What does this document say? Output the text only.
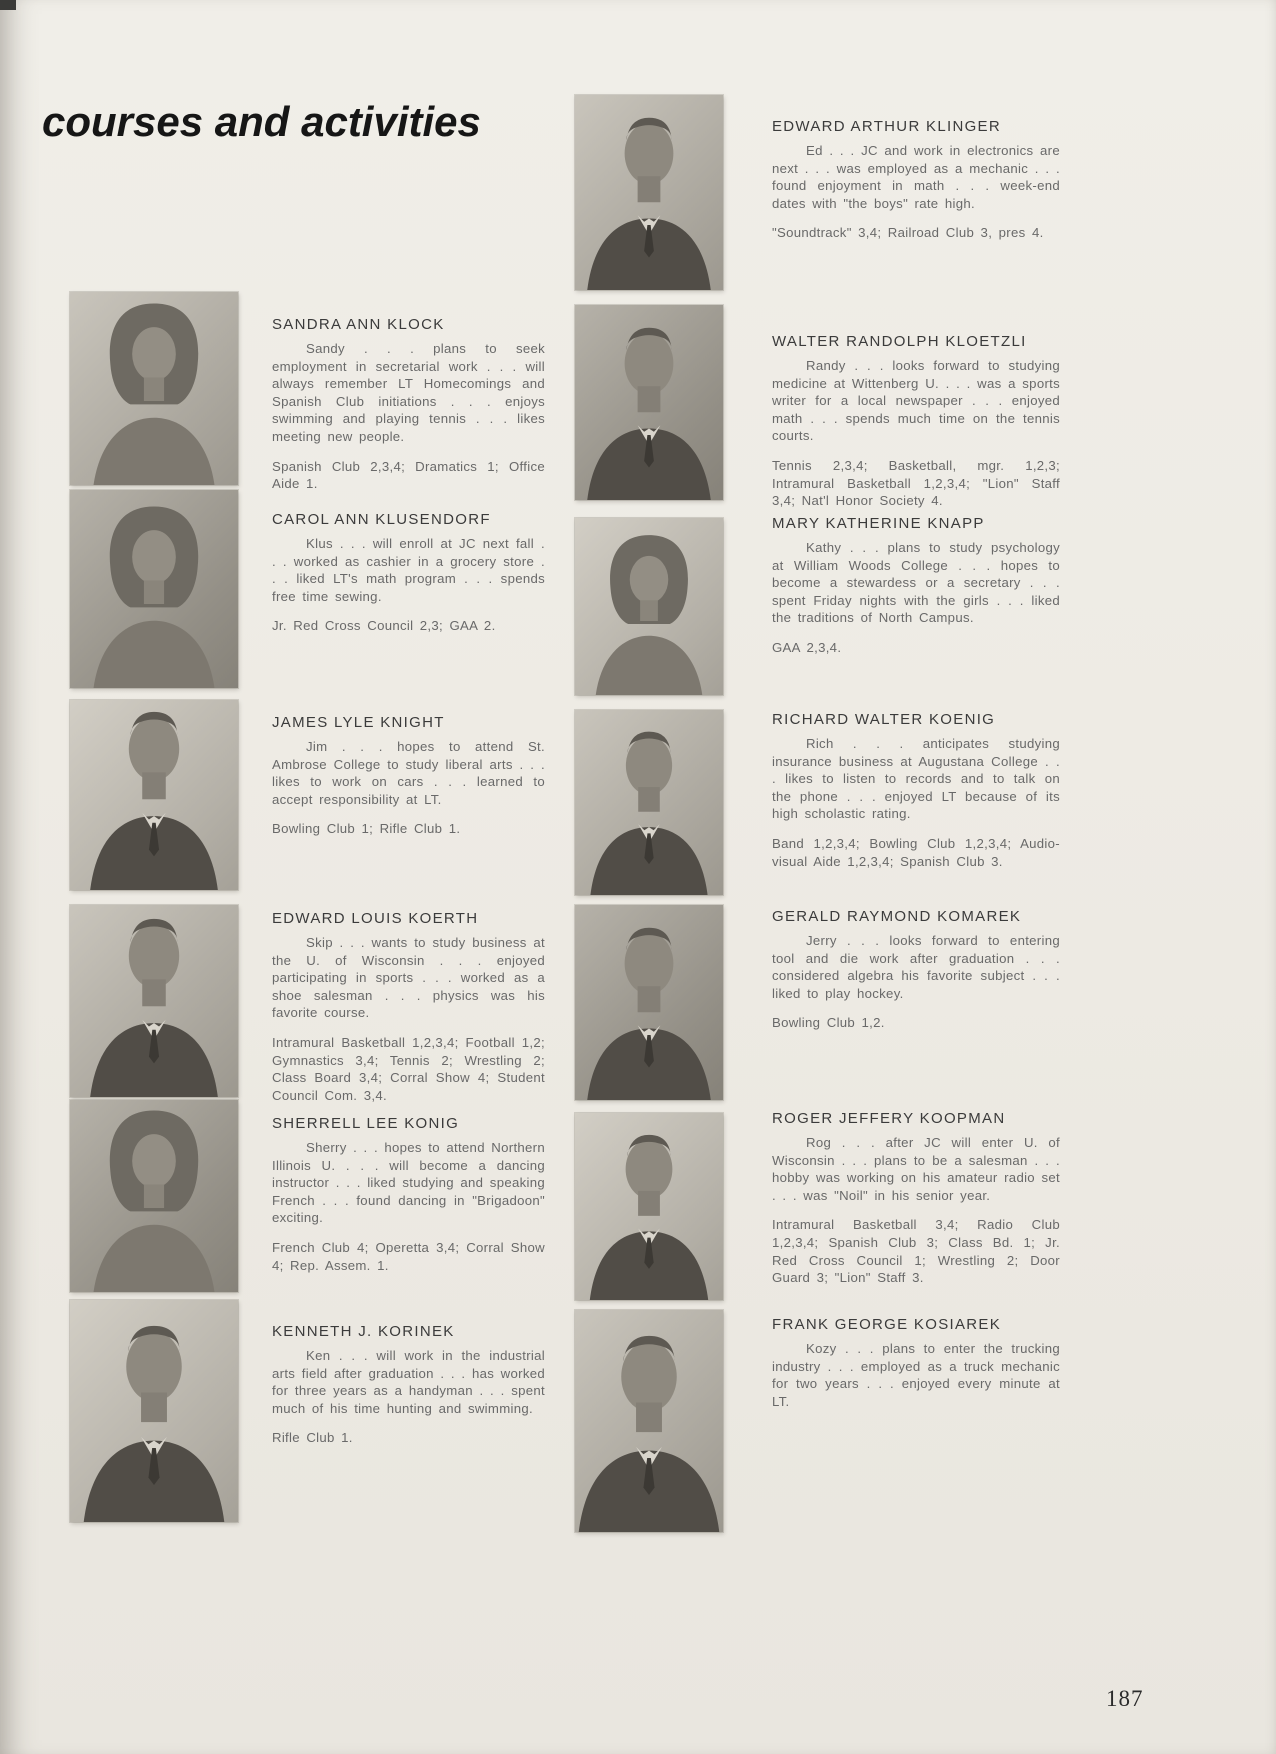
courses and activities
SANDRA ANN KLOCK

Sandy . . . plans to seek employment in secretarial work . . . will always remember LT Homecomings and Spanish Club initiations . . . enjoys swimming and playing tennis . . . likes meeting new people.

Spanish Club 2,3,4; Dramatics 1; Office Aide 1.

CAROL ANN KLUSENDORF

Klus . . . will enroll at JC next fall . . . worked as cashier in a grocery store . . . liked LT's math program . . . spends free time sewing.

Jr. Red Cross Council 2,3; GAA 2.

JAMES LYLE KNIGHT

Jim . . . hopes to attend St. Ambrose College to study liberal arts . . . likes to work on cars . . . learned to accept responsibility at LT.

Bowling Club 1; Rifle Club 1.

EDWARD LOUIS KOERTH

Skip . . . wants to study business at the U. of Wisconsin . . . enjoyed participating in sports . . . worked as a shoe salesman . . . physics was his favorite course.

Intramural Basketball 1,2,3,4; Football 1,2; Gymnastics 3,4; Tennis 2; Wrestling 2; Class Board 3,4; Corral Show 4; Student Council Com. 3,4.

SHERRELL LEE KONIG

Sherry . . . hopes to attend Northern Illinois U. . . . will become a dancing instructor . . . liked studying and speaking French . . . found dancing in "Brigadoon" exciting.

French Club 4; Operetta 3,4; Corral Show 4; Rep. Assem. 1.

KENNETH J. KORINEK

Ken . . . will work in the industrial arts field after graduation . . . has worked for three years as a handyman . . . spent much of his time hunting and swimming.

Rifle Club 1.

EDWARD ARTHUR KLINGER

Ed . . . JC and work in electronics are next . . . was employed as a mechanic . . . found enjoyment in math . . . week-end dates with "the boys" rate high.

"Soundtrack" 3,4; Railroad Club 3, pres 4.

WALTER RANDOLPH KLOETZLI

Randy . . . looks forward to studying medicine at Wittenberg U. . . . was a sports writer for a local newspaper . . . enjoyed math . . . spends much time on the tennis courts.

Tennis 2,3,4; Basketball, mgr. 1,2,3; Intramural Basketball 1,2,3,4; "Lion" Staff 3,4; Nat'l Honor Society 4.

MARY KATHERINE KNAPP

Kathy . . . plans to study psychology at William Woods College . . . hopes to become a stewardess or a secretary . . . spent Friday nights with the girls . . . liked the traditions of North Campus.

GAA 2,3,4.

RICHARD WALTER KOENIG

Rich . . . anticipates studying insurance business at Augustana College . . . likes to listen to records and to talk on the phone . . . enjoyed LT because of its high scholastic rating.

Band 1,2,3,4; Bowling Club 1,2,3,4; Audio-visual Aide 1,2,3,4; Spanish Club 3.

GERALD RAYMOND KOMAREK

Jerry . . . looks forward to entering tool and die work after graduation . . . considered algebra his favorite subject . . . liked to play hockey.

Bowling Club 1,2.

ROGER JEFFERY KOOPMAN

Rog . . . after JC will enter U. of Wisconsin . . . plans to be a salesman . . . hobby was working on his amateur radio set . . . was "Noil" in his senior year.

Intramural Basketball 3,4; Radio Club 1,2,3,4; Spanish Club 3; Class Bd. 1; Jr. Red Cross Council 1; Wrestling 2; Door Guard 3; "Lion" Staff 3.

FRANK GEORGE KOSIAREK

Kozy . . . plans to enter the trucking industry . . . employed as a truck mechanic for two years . . . enjoyed every minute at LT.

187
